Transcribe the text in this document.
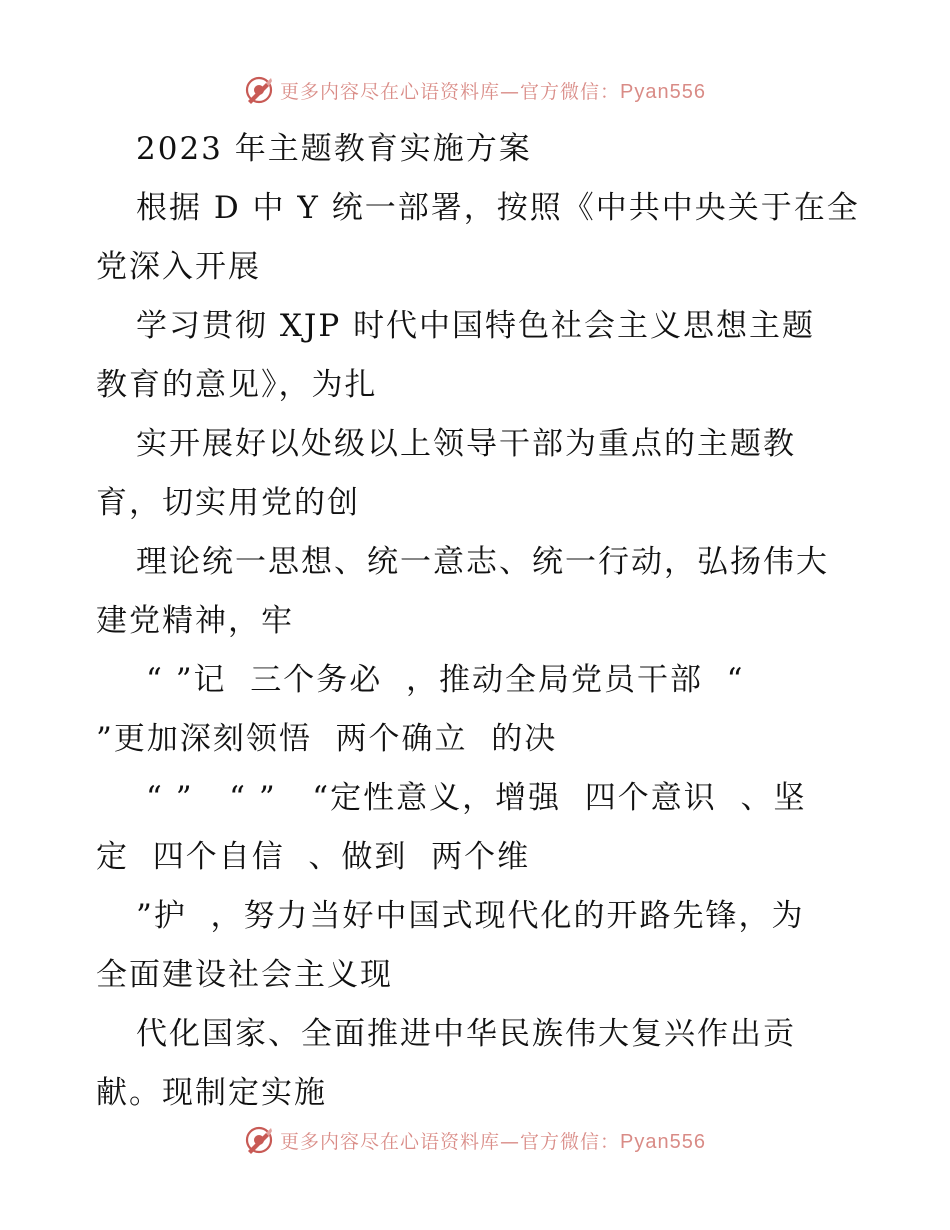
更多内容尽在心语资料库—官方微信：Pyan556
2023 年主题教育实施方案
根据 D 中 Y 统一部署，按照《中共中央关于在全
党深入开展
学习贯彻 XJP 时代中国特色社会主义思想主题
教育的意见》，为扎
实开展好以处级以上领导干部为重点的主题教
育，切实用党的创
理论统一思想、统一意志、统一行动，弘扬伟大
建党精神，牢
“ ”记  三个务必  ，推动全局党员干部  “
”更加深刻领悟  两个确立  的决
“ ”   “ ”   “定性意义，增强  四个意识  、坚
定  四个自信  、做到  两个维
”护  ，努力当好中国式现代化的开路先锋，为
全面建设社会主义现
代化国家、全面推进中华民族伟大复兴作出贡
献。现制定实施
更多内容尽在心语资料库—官方微信：Pyan556
